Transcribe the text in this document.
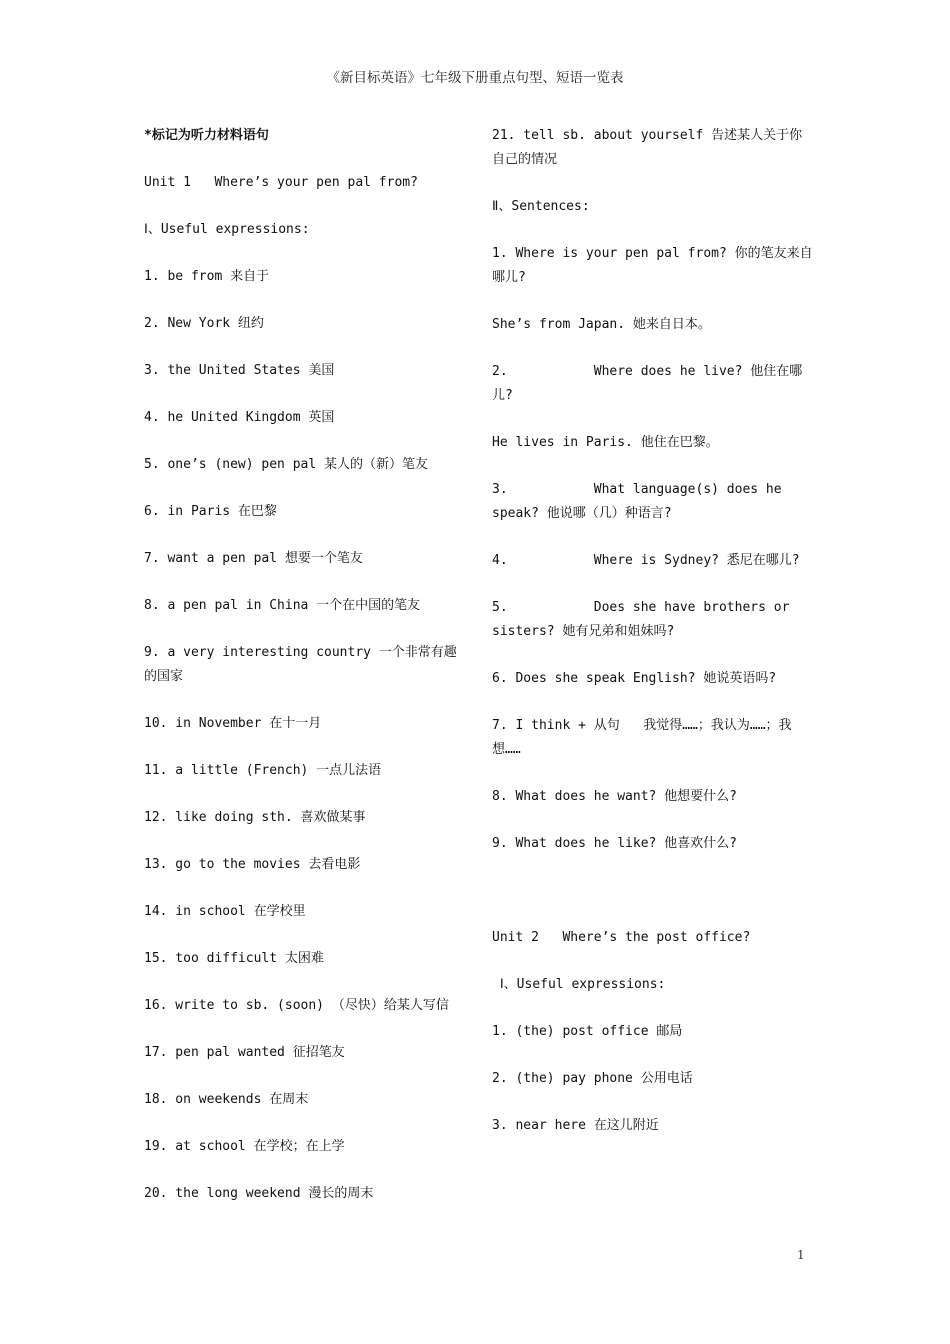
《新目标英语》七年级下册重点句型、短语一览表
*标记为听力材料语句
Unit 1   Where’s your pen pal from?
Ⅰ、Useful expressions:
1. be from 来自于
2. New York 纽约
3. the United States 美国
4. he United Kingdom 英国
5. one’s (new) pen pal 某人的（新）笔友
6. in Paris 在巴黎
7. want a pen pal 想要一个笔友
8. a pen pal in China 一个在中国的笔友
9. a very interesting country 一个非常有趣的国家
10. in November 在十一月
11. a little (French) 一点儿法语
12. like doing sth. 喜欢做某事
13. go to the movies 去看电影
14. in school 在学校里
15. too difficult 太困难
16. write to sb. (soon) （尽快）给某人写信
17. pen pal wanted 征招笔友
18. on weekends 在周末
19. at school 在学校；在上学
20. the long weekend 漫长的周末
21. tell sb. about yourself 告述某人关于你自己的情况
Ⅱ、Sentences:
1. Where is your pen pal from? 你的笔友来自哪儿?
She’s from Japan. 她来自日本。
2.           Where does he live? 他住在哪儿?
He lives in Paris. 他住在巴黎。
3.           What language(s) does he speak? 他说哪（几）种语言?
4.           Where is Sydney? 悉尼在哪儿?
5.           Does she have brothers or sisters? 她有兄弟和姐妹吗?
6. Does she speak English? 她说英语吗?
7. I think + 从句   我觉得……；我认为……；我想……
8. What does he want? 他想要什么?
9. What does he like? 他喜欢什么?
Unit 2   Where’s the post office?
Ⅰ、Useful expressions:
1. (the) post office 邮局
2. (the) pay phone 公用电话
3. near here 在这儿附近
1
